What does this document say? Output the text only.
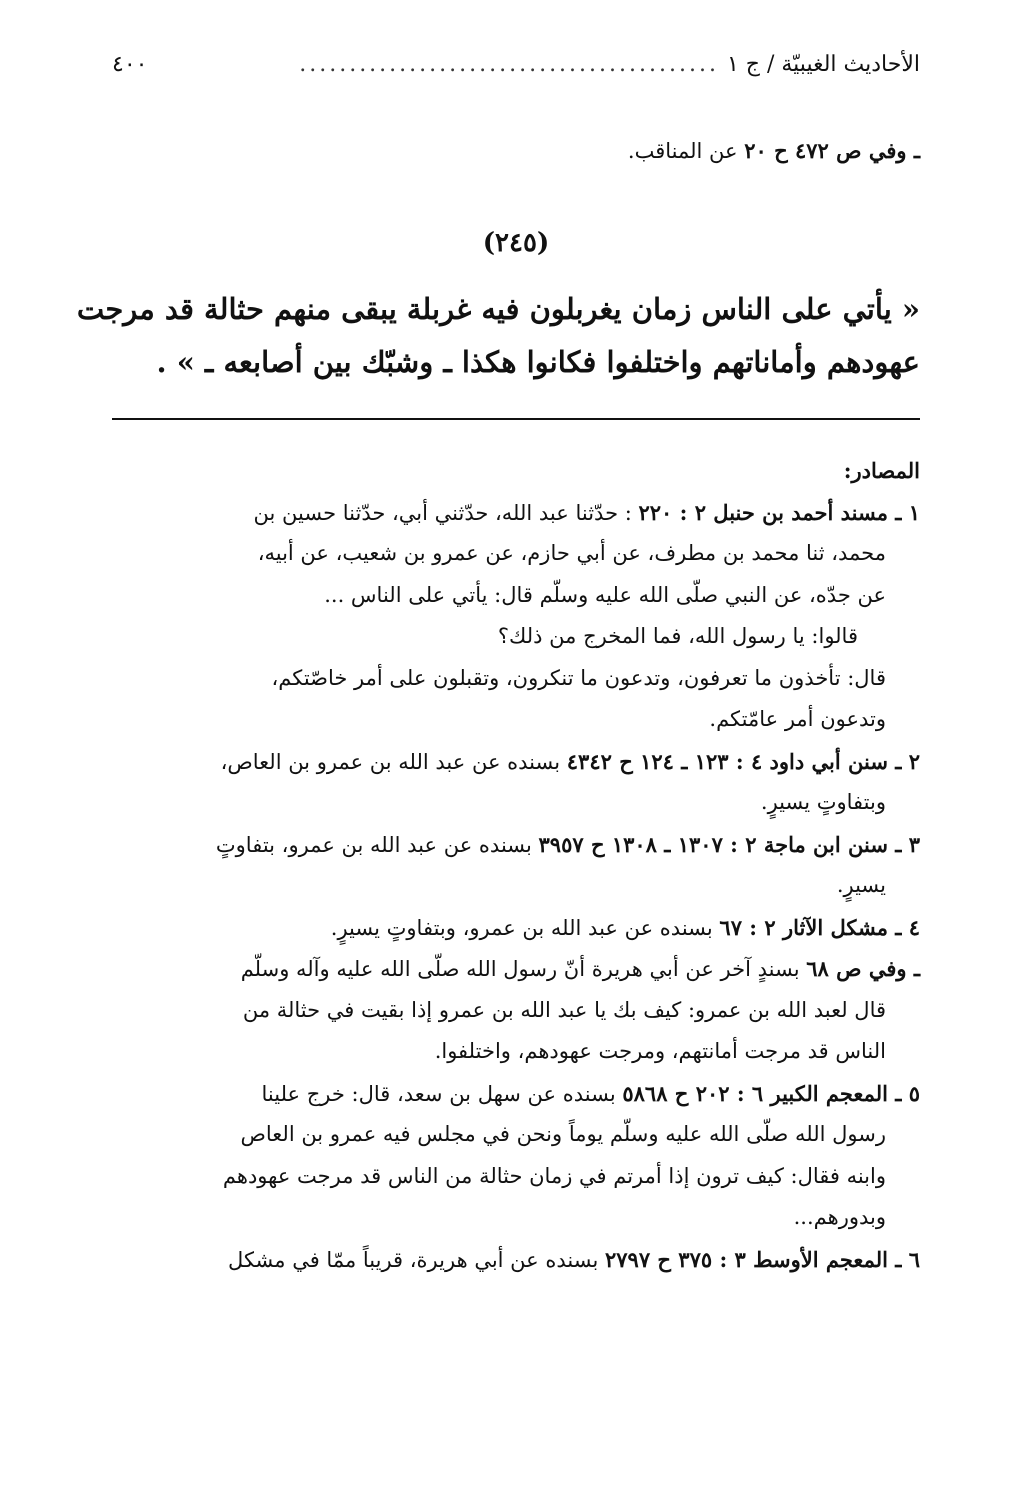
الأحاديث الغيبيّة / ج ١
..........................................
٤٠٠
ـ وفي ص ٤٧٢ ح ٢٠ عن المناقب.
(٢٤٥)
« يأتي على الناس زمان يغربلون فيه غربلة يبقى منهم حثالة قد مرجت
عهودهم وأماناتهم واختلفوا فكانوا هكذا ـ وشبّك بين أصابعه ـ » .
المصادر:
١ ـ مسند أحمد بن حنبل ٢ : ٢٢٠ : حدّثنا عبد الله، حدّثني أبي، حدّثنا حسين بن
محمد، ثنا محمد بن مطرف، عن أبي حازم، عن عمرو بن شعيب، عن أبيه،
عن جدّه، عن النبي صلّى الله عليه وسلّم قال: يأتي على الناس ...
قالوا: يا رسول الله، فما المخرج من ذلك؟
قال: تأخذون ما تعرفون، وتدعون ما تنكرون، وتقبلون على أمر خاصّتكم،
وتدعون أمر عامّتكم.
٢ ـ سنن أبي داود ٤ : ١٢٣ ـ ١٢٤ ح ٤٣٤٢ بسنده عن عبد الله بن عمرو بن العاص،
وبتفاوتٍ يسيرٍ.
٣ ـ سنن ابن ماجة ٢ : ١٣٠٧ ـ ١٣٠٨ ح ٣٩٥٧ بسنده عن عبد الله بن عمرو، بتفاوتٍ
يسيرٍ.
٤ ـ مشكل الآثار ٢ : ٦٧ بسنده عن عبد الله بن عمرو، وبتفاوتٍ يسيرٍ.
ـ وفي ص ٦٨ بسندٍ آخر عن أبي هريرة أنّ رسول الله صلّى الله عليه وآله وسلّم
قال لعبد الله بن عمرو: كيف بك يا عبد الله بن عمرو إذا بقيت في حثالة من
الناس قد مرجت أمانتهم، ومرجت عهودهم، واختلفوا.
٥ ـ المعجم الكبير ٦ : ٢٠٢ ح ٥٨٦٨ بسنده عن سهل بن سعد، قال: خرج علينا
رسول الله صلّى الله عليه وسلّم يوماً ونحن في مجلس فيه عمرو بن العاص
وابنه فقال: كيف ترون إذا أمرتم في زمان حثالة من الناس قد مرجت عهودهم
وبدورهم...
٦ ـ المعجم الأوسط ٣ : ٣٧٥ ح ٢٧٩٧ بسنده عن أبي هريرة، قريباً ممّا في مشكل
